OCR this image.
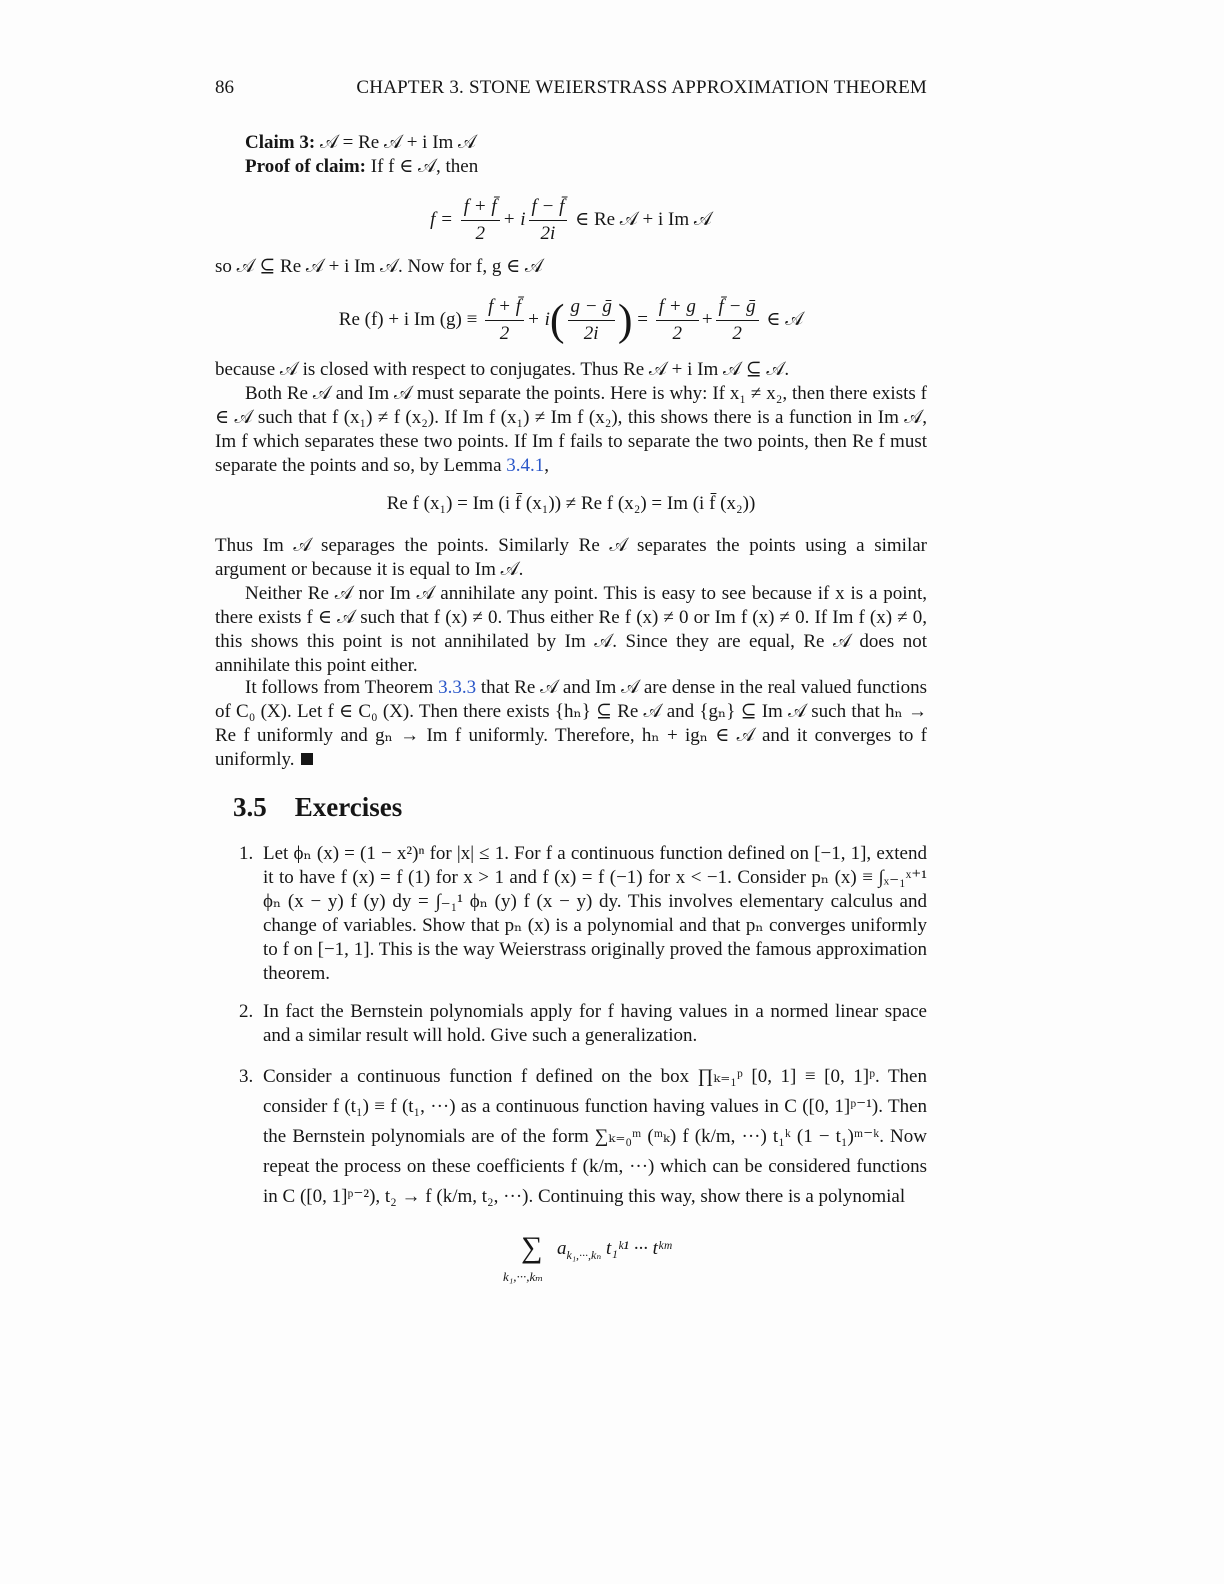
86	CHAPTER 3. STONE WEIERSTRASS APPROXIMATION THEOREM

Claim 3: 𝒜 = Re 𝒜 + i Im 𝒜

Proof of claim: If f ∈ 𝒜, then

$f = \frac{f + f̄}{2} + i \frac{f - f̄}{2i}$ ∈ Re 𝒜 + i Im 𝒜

so 𝒜 ⊆ Re 𝒜 + i Im 𝒜. Now for f, g ∈ 𝒜

Re (f) + i Im $(g) \equiv \frac{f + f̄}{2} + i( \frac{\text{g − ḡ}}{2i}$ ) = $\frac{f + g}{2} + \frac{\text{f̄ − ḡ}}{2}$ ∈ 𝒜

because 𝒜 is closed with respect to conjugates. Thus Re 𝒜 + i Im 𝒜 ⊆ 𝒜.

Both Re 𝒜 and Im 𝒜 must separate the points. Here is why: If x₁ ≠ x₂, then there exists f ∈ 𝒜 such that f (x₁) ≠ f (x₂). If Im f (x₁) ≠ Im f (x₂), this shows there is a function in Im 𝒜, Im f which separates these two points. If Im f fails to separate the two points, then Re f must separate the points and so, by Lemma 3.4.1,

Re f (x₁) = Im (i f̄ (x₁)) ≠ Re f (x₂) = Im (i f̄ (x₂))

Thus Im 𝒜 separages the points. Similarly Re 𝒜 separates the points using a similar argument or because it is equal to Im 𝒜.

Neither Re 𝒜 nor Im 𝒜 annihilate any point. This is easy to see because if x is a point, there exists f ∈ 𝒜 such that f (x) ≠ 0. Thus either Re f (x) ≠ 0 or Im f (x) ≠ 0. If Im f (x) ≠ 0, this shows this point is not annihilated by Im 𝒜. Since they are equal, Re 𝒜 does not annihilate this point either.

It follows from Theorem 3.3.3 that Re 𝒜 and Im 𝒜 are dense in the real valued functions of C₀ (X). Let f ∈ C₀ (X). Then there exists {hₙ} ⊆ Re 𝒜 and {gₙ} ⊆ Im 𝒜 such that hₙ → Re f uniformly and gₙ → Im f uniformly. Therefore, hₙ + igₙ ∈ 𝒜 and it converges to f uniformly.

3.5 Exercises
1. Let ϕₙ (x) = (1 − x²)ⁿ for |x| ≤ 1. For f a continuous function defined on [−1, 1], extend it to have f (x) = f (1) for x > 1 and f (x) = f (−1) for x < −1. Consider pₙ (x) ≡ ∫ₓ₋₁ˣ⁺¹ ϕₙ (x − y) f (y) dy = ∫₋₁¹ ϕₙ (y) f (x − y) dy. This involves elementary calculus and change of variables. Show that pₙ (x) is a polynomial and that pₙ converges uniformly to f on [−1, 1]. This is the way Weierstrass originally proved the famous approximation theorem.
2. In fact the Bernstein polynomials apply for f having values in a normed linear space and a similar result will hold. Give such a generalization.
3. Consider a continuous function f defined on the box ∏ₖ₌₁ᵖ [0, 1] ≡ [0, 1]ᵖ. Then consider f (t₁) ≡ f (t₁, ···) as a continuous function having values in C ([0, 1]ᵖ⁻¹). Then the Bernstein polynomials are of the form ∑ₖ₌₀ᵐ (ᵐₖ) f (k/m, ···) t₁ᵏ (1 − t₁)ᵐ⁻ᵏ. Now repeat the process on these coefficients f (k/m, ···) which can be considered functions in C ([0, 1]ᵖ⁻²), t₂ → f (k/m, t₂, ···). Continuing this way, show there is a polynomial
∑ $a_{k_1,\cdot\cdot\cdot,k_n}$ t₁ᵏ¹ ··· tᵏᵐ
k₁,···,kₘ
